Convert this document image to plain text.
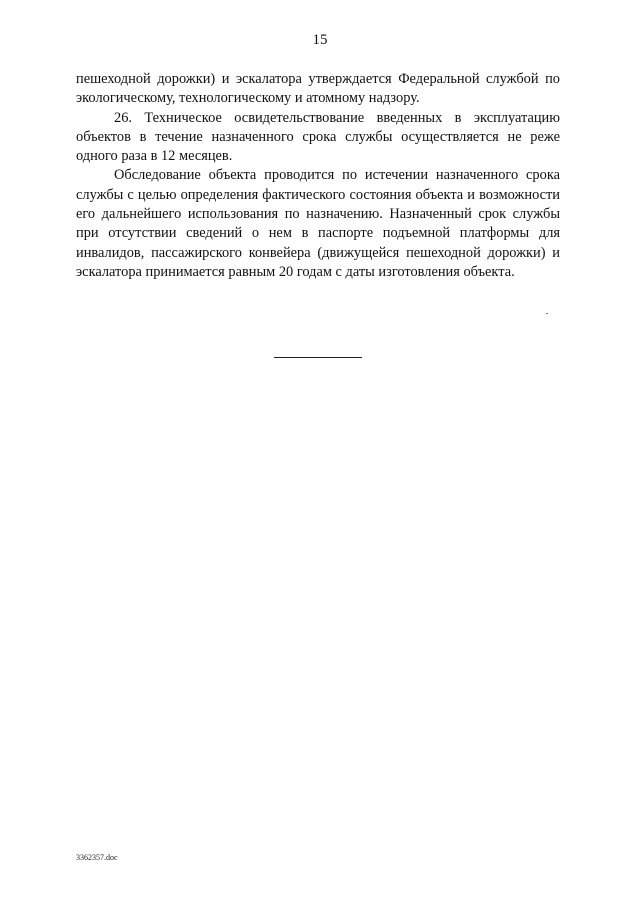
15

пешеходной дорожки) и эскалатора утверждается Федеральной службой по экологическому, технологическому и атомному надзору.

26. Техническое освидетельствование введенных в эксплуатацию объектов в течение назначенного срока службы осуществляется не реже одного раза в 12 месяцев.

Обследование объекта проводится по истечении назначенного срока службы с целью определения фактического состояния объекта и возможности его дальнейшего использования по назначению. Назначенный срок службы при отсутствии сведений о нем в паспорте подъемной платформы для инвалидов, пассажирского конвейера (движущейся пешеходной дорожки) и эскалатора принимается равным 20 годам с даты изготовления объекта.

3362357.doc
